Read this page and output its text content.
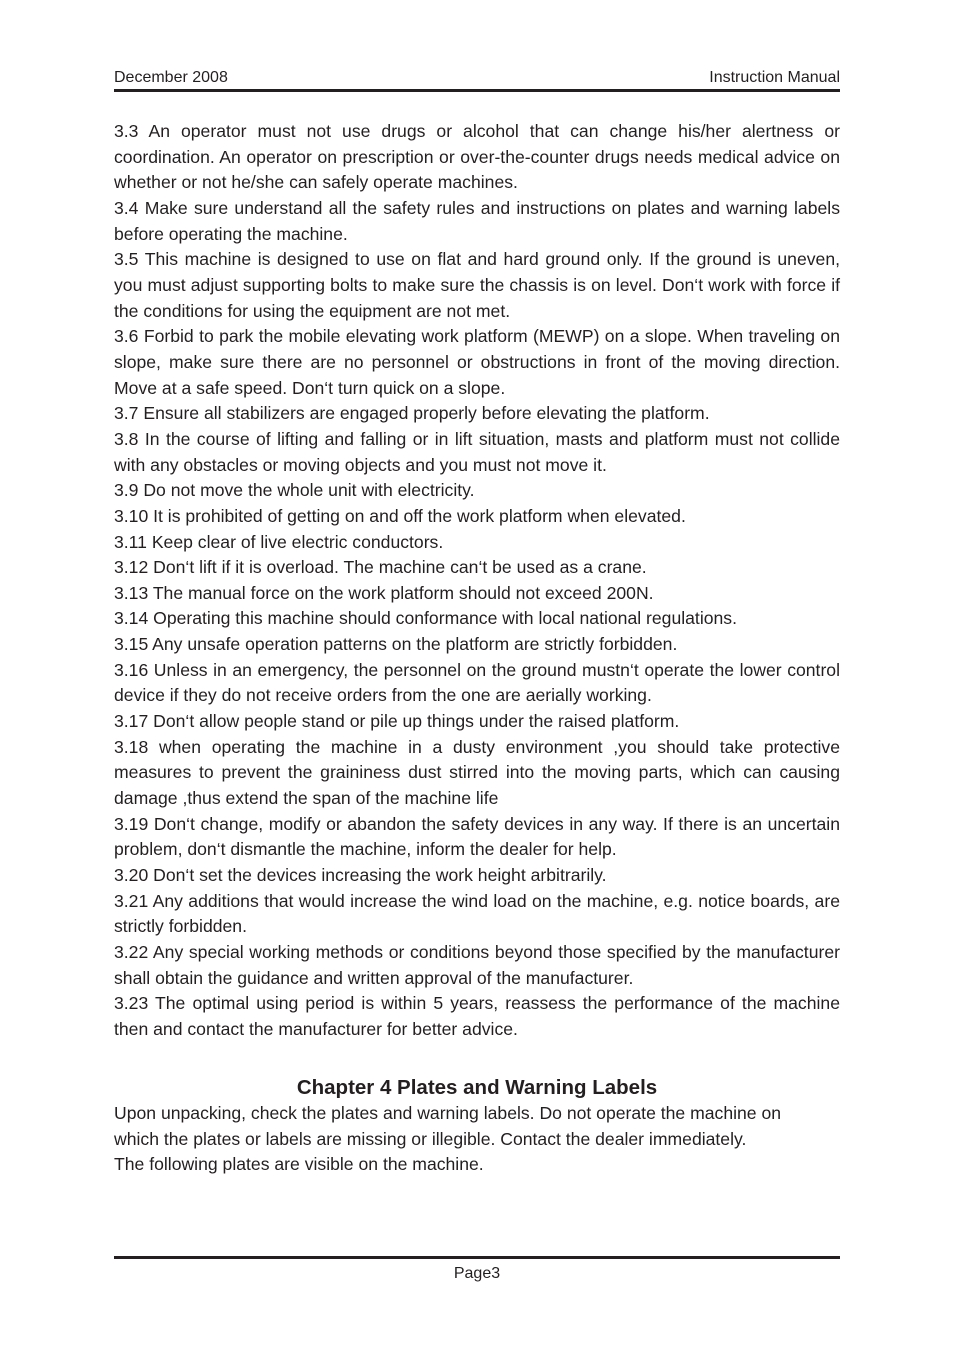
December 2008	Instruction Manual

3.3 An operator must not use drugs or alcohol that can change his/her alertness or coordination. An operator on prescription or over-the-counter drugs needs medical advice on whether or not he/she can safely operate machines.

3.4 Make sure understand all the safety rules and instructions on plates and warning labels before operating the machine.

3.5 This machine is designed to use on flat and hard ground only. If the ground is uneven, you must adjust supporting bolts to make sure the chassis is on level. Don‘t work with force if the conditions for using the equipment are not met.

3.6 Forbid to park the mobile elevating work platform (MEWP) on a slope. When traveling on slope, make sure there are no personnel or obstructions in front of the moving direction. Move at a safe speed. Don‘t turn quick on a slope.

3.7 Ensure all stabilizers are engaged properly before elevating the platform.

3.8 In the course of lifting and falling or in lift situation, masts and platform must not collide with any obstacles or moving objects and you must not move it.

3.9 Do not move the whole unit with electricity.

3.10 It is prohibited of getting on and off the work platform when elevated.

3.11 Keep clear of live electric conductors.

3.12 Don‘t lift if it is overload. The machine can‘t be used as a crane.

3.13 The manual force on the work platform should not exceed 200N.

3.14 Operating this machine should conformance with local national regulations.

3.15 Any unsafe operation patterns on the platform are strictly forbidden.

3.16 Unless in an emergency, the personnel on the ground mustn‘t operate the lower control device if they do not receive orders from the one are aerially working.

3.17 Don‘t allow people stand or pile up things under the raised platform.

3.18 when operating the machine in a dusty environment ,you should take protective measures to prevent the graininess dust stirred into the moving parts, which can causing damage ,thus extend the span of the machine life

3.19 Don‘t change, modify or abandon the safety devices in any way. If there is an uncertain problem, don‘t dismantle the machine, inform the dealer for help.

3.20 Don‘t set the devices increasing the work height arbitrarily.

3.21 Any additions that would increase the wind load on the machine, e.g. notice boards, are strictly forbidden.

3.22 Any special working methods or conditions beyond those specified by the manufacturer shall obtain the guidance and written approval of the manufacturer.

3.23 The optimal using period is within 5 years, reassess the performance of the machine then and contact the manufacturer for better advice.

Chapter 4 Plates and Warning Labels

Upon unpacking, check the plates and warning labels. Do not operate the machine on

which the plates or labels are missing or illegible. Contact the dealer immediately.

The following plates are visible on the machine.

Page3
